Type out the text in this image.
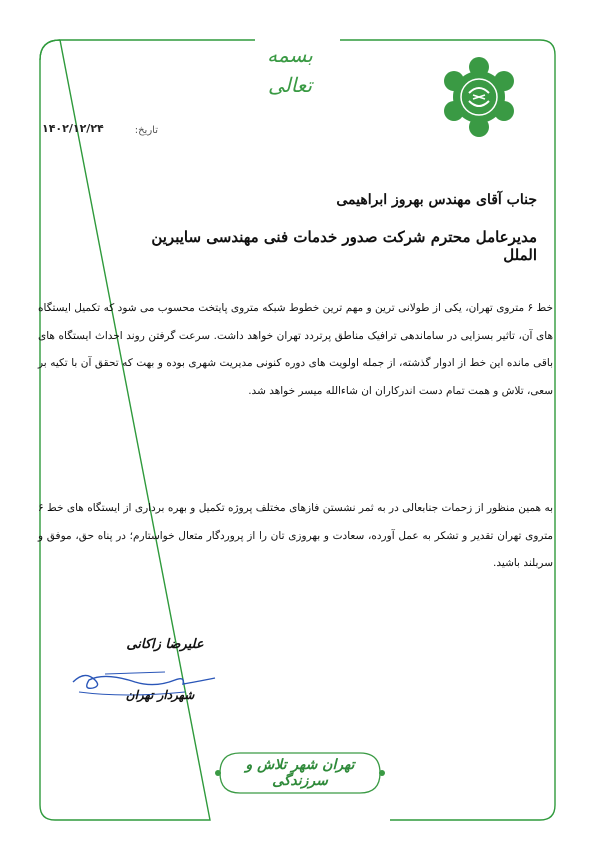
بسمه تعالی
تاریخ:
۱۴۰۲/۱۲/۲۴
جناب آقای مهندس بهروز ابراهیمی
مدیرعامل محترم شرکت صدور خدمات فنی مهندسی سایبرین الملل
خط ۶ متروی تهران، یکی از طولانی ترین و مهم ترین خطوط شبکه متروی پایتخت محسوب می شود که تکمیل ایستگاه های آن، تاثیر بسزایی در ساماندهی ترافیک مناطق پرتردد تهران خواهد داشت. سرعت گرفتن روند احداث ایستگاه های باقی مانده این خط از ادوار گذشته، از جمله اولویت های دوره کنونی مدیریت شهری بوده و بهت که تحقق آن با تکیه بر سعی، تلاش و همت تمام دست اندرکاران ان شاءالله میسر خواهد شد.
به همین منظور از زحمات جنابعالی در به ثمر نشستن فازهای مختلف پروژه تکمیل و بهره برداری از ایستگاه های خط ۶ متروی تهران تقدیر و تشکر به عمل آورده، سعادت و بهروزی تان را از پروردگار متعال خواستارم؛ در پناه حق، موفق و سربلند باشید.
علیرضا زاکانی
شهردار تهران
تهران شهر تلاش و سرزندگی
